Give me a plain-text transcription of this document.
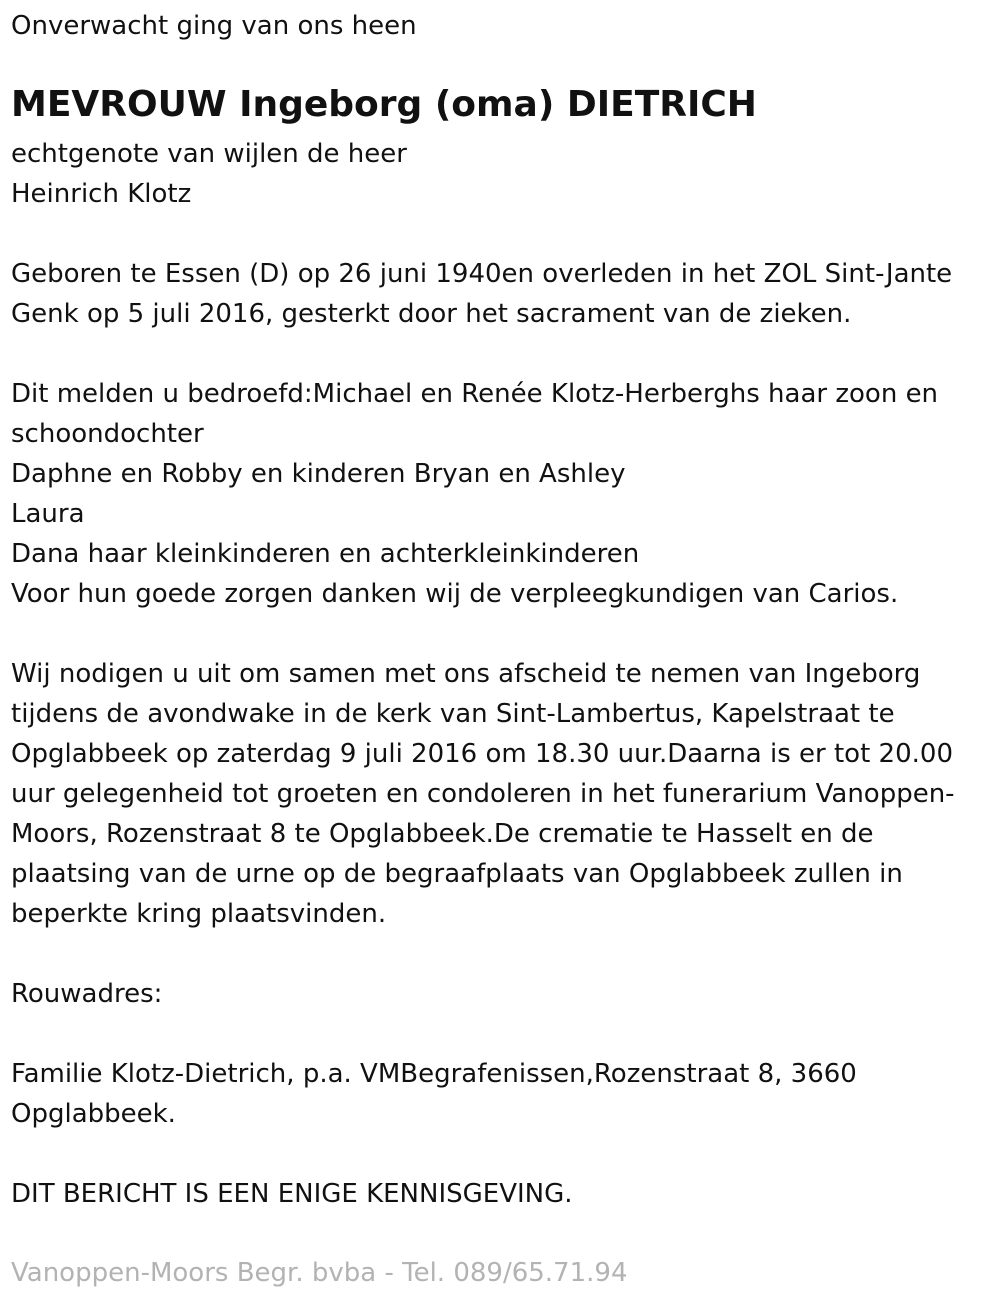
Onverwacht ging van ons heen
MEVROUW Ingeborg (oma) DIETRICH
echtgenote van wijlen de heer
Heinrich Klotz
Geboren te Essen (D) op 26 juni 1940en overleden in het ZOL Sint-Jante
Genk op 5 juli 2016, gesterkt door het sacrament van de zieken.
Dit melden u bedroefd:Michael en Renée Klotz-Herberghs haar zoon en
schoondochter
Daphne en Robby en kinderen Bryan en Ashley
Laura
Dana haar kleinkinderen en achterkleinkinderen
Voor hun goede zorgen danken wij de verpleegkundigen van Carios.
Wij nodigen u uit om samen met ons afscheid te nemen van Ingeborg
tijdens de avondwake in de kerk van Sint-Lambertus, Kapelstraat te
Opglabbeek op zaterdag 9 juli 2016 om 18.30 uur.Daarna is er tot 20.00
uur gelegenheid tot groeten en condoleren in het funerarium Vanoppen-
Moors, Rozenstraat 8 te Opglabbeek.De crematie te Hasselt en de
plaatsing van de urne op de begraafplaats van Opglabbeek zullen in
beperkte kring plaatsvinden.
Rouwadres:
Familie Klotz-Dietrich, p.a. VMBegrafenissen,Rozenstraat 8, 3660
Opglabbeek.
DIT BERICHT IS EEN ENIGE KENNISGEVING.
Vanoppen-Moors Begr. bvba - Tel. 089/65.71.94
